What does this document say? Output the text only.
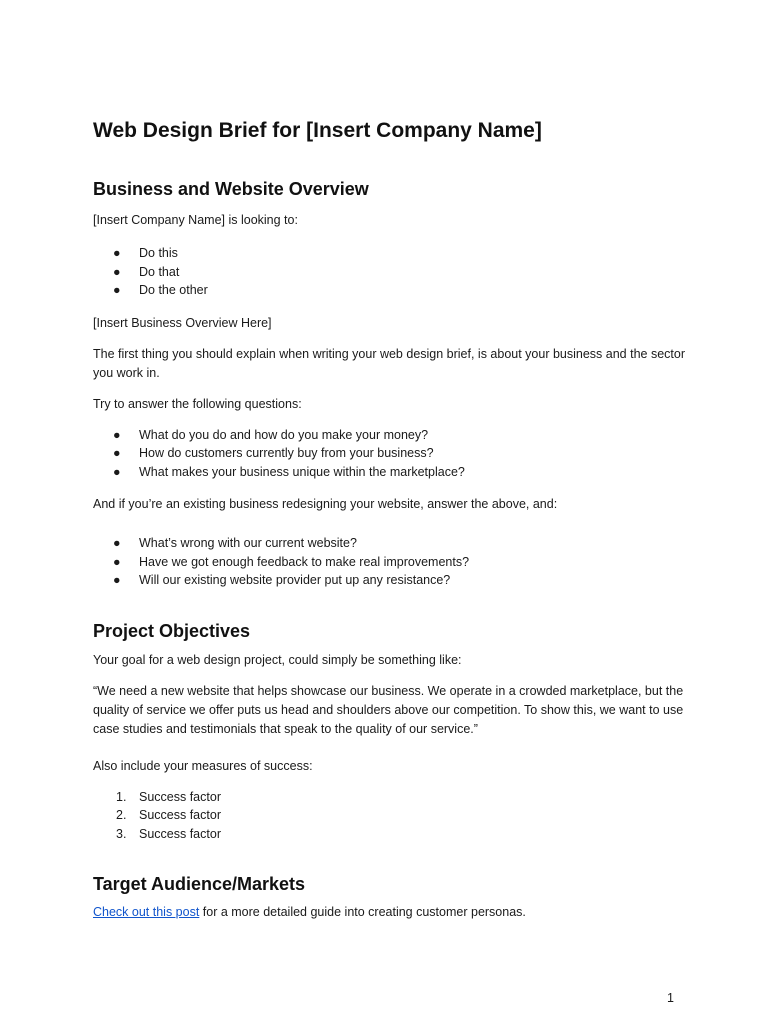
Web Design Brief for [Insert Company Name]
Business and Website Overview

[Insert Company Name] is looking to:

● Do this
● Do that
● Do the other

[Insert Business Overview Here]

The first thing you should explain when writing your web design brief, is about your business and the sector you work in.

Try to answer the following questions:

● What do you do and how do you make your money?
● How do customers currently buy from your business?
● What makes your business unique within the marketplace?

And if you’re an existing business redesigning your website, answer the above, and:

● What’s wrong with our current website?
● Have we got enough feedback to make real improvements?
● Will our existing website provider put up any resistance?
Project Objectives

Your goal for a web design project, could simply be something like:

“We need a new website that helps showcase our business. We operate in a crowded marketplace, but the quality of service we offer puts us head and shoulders above our competition. To show this, we want to use case studies and testimonials that speak to the quality of our service.”

Also include your measures of success:

1. Success factor
2. Success factor
3. Success factor
Target Audience/Markets

Check out this post for a more detailed guide into creating customer personas.

1
